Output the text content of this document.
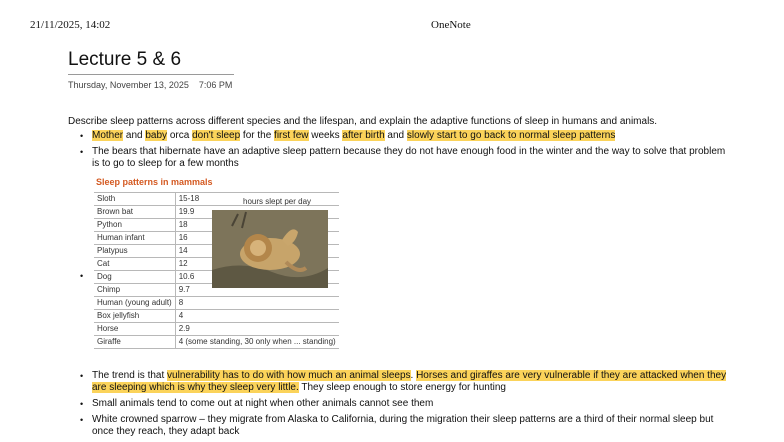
21/11/2025, 14:02	OneNote
Lecture 5 & 6
Thursday, November 13, 2025 7:06 PM

Describe sleep patterns across different species and the lifespan, and explain the adaptive functions of sleep in humans and animals.

• Mother and baby orca don't sleep for the first few weeks after birth and slowly start to go back to normal sleep patterns
• The bears that hibernate have an adaptive sleep pattern because they do not have enough food in the winter and the way to solve that problem is to go to sleep for a few months
•
Sleep patterns in mammals
Sloth	15-18
Brown bat	19.9
Python	18
Human infant	16
Platypus	14
Cat	12
Dog	10.6
Chimp	9.7
Human (young adult)	8
Box jellyfish	4
Horse	2.9
Giraffe	4 (some standing, 30 only when ... standing)
hours slept per day
• The trend is that vulnerability has to do with how much an animal sleeps. Horses and giraffes are very vulnerable if they are attacked when they are sleeping which is why they sleep very little. They sleep enough to store energy for hunting
• Small animals tend to come out at night when other animals cannot see them
• White crowned sparrow – they migrate from Alaska to California, during the migration their sleep patterns are a third of their normal sleep but once they reach, they adapt back
